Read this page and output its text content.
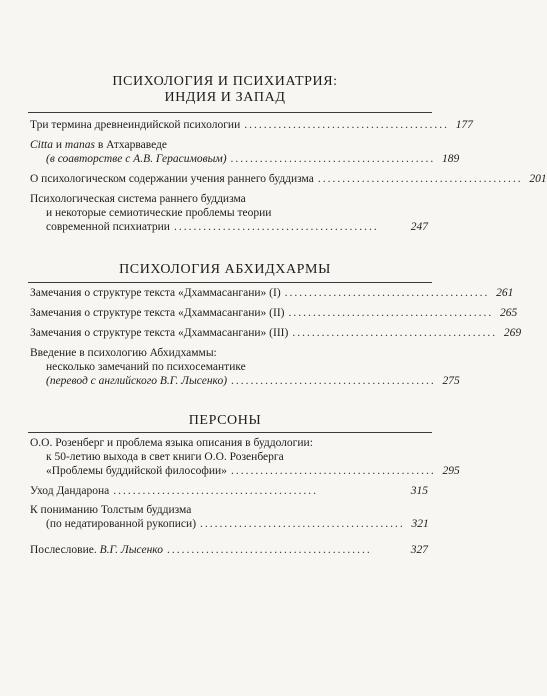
ПСИХОЛОГИЯ И ПСИХИАТРИЯ:
ИНДИЯ И ЗАПАД
Три термина древнеиндийской психологии .......................................... 177
Citta и manas в Атхарваведе
(в соавторстве с А.В. Герасимовым) .......................................... 189
О психологическом содержании учения раннего буддизма .......................................... 201
Психологическая система раннего буддизма
и некоторые семиотические проблемы теории
современной психиатрии ..........................................	247
ПСИХОЛОГИЯ АБХИДХАРМЫ
Замечания о структуре текста «Дхаммасангани» (I) .......................................... 261
Замечания о структуре текста «Дхаммасангани» (II) .......................................... 265
Замечания о структуре текста «Дхаммасангани» (III) .......................................... 269
Введение в психологию Абхидхаммы:
несколько замечаний по психосемантике
(перевод с английского В.Г. Лысенко) .......................................... 275
ПЕРСОНЫ
О.О. Розенберг и проблема языка описания в буддологии:
к 50-летию выхода в свет книги О.О. Розенберга
«Проблемы буддийской философии» .......................................... 295
Уход Дандарона ..........................................	315
К пониманию Толстым буддизма
(по недатированной рукописи) .......................................... 321
Послесловие. В.Г. Лысенко ..........................................	327
